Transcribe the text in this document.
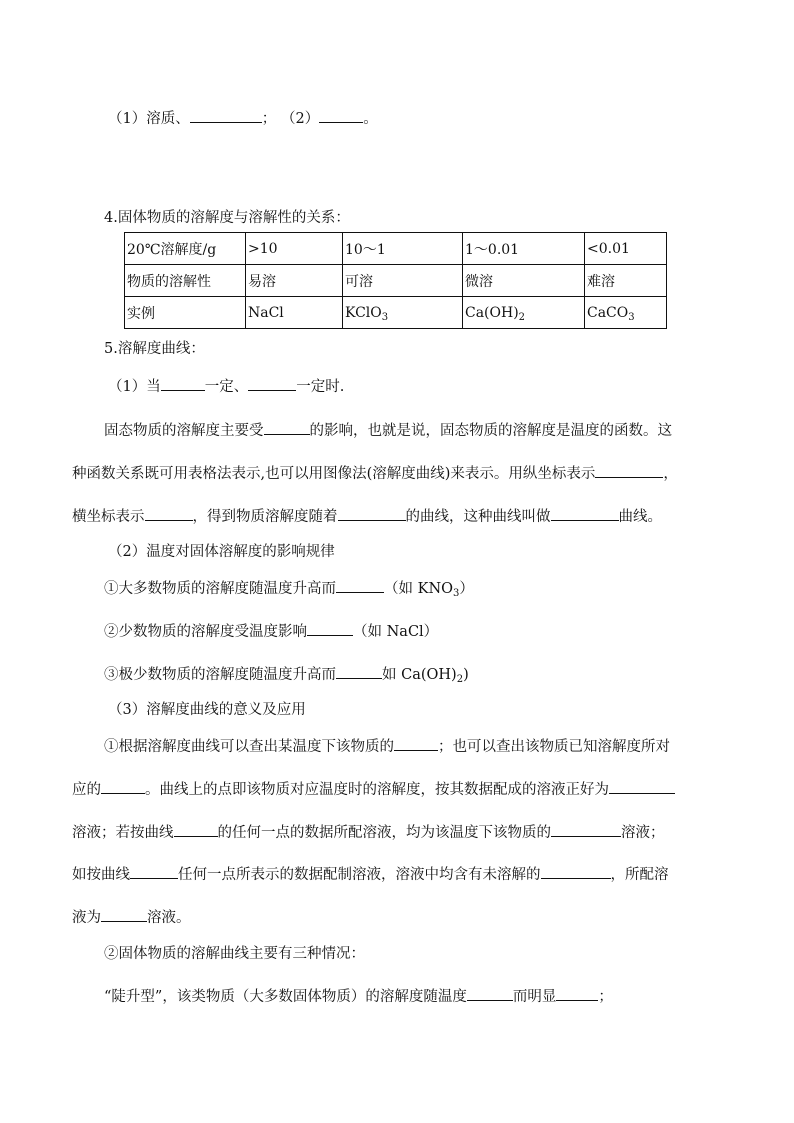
（1）溶质、	； （2）	。
4.固体物质的溶解度与溶解性的关系：
20℃溶解度/g	>10	10～1	1～0.01	<0.01
物质的溶解性	易溶	可溶	微溶	难溶
实例	NaCl	KClO$_3$	$Ca(OH)_2$	CaCO$_3$
5.溶解度曲线：
（1）当	一定、	一定时.
固态物质的溶解度主要受	的影响，也就是说，固态物质的溶解度是温度的函数。这
种函数关系既可用表格法表示,也可以用图像法(溶解度曲线)来表示。用纵坐标表示	，
横坐标表示	，得到物质溶解度随着	的曲线，这种曲线叫做	曲线。
（2）温度对固体溶解度的影响规律
①大多数物质的溶解度随温度升高而	（如 $KNO_3$）
②少数物质的溶解度受温度影响	（如 NaCl）
③极少数物质的溶解度随温度升高而	如 $Ca(OH)_2$)
（3）溶解度曲线的意义及应用
①根据溶解度曲线可以查出某温度下该物质的	；也可以查出该物质已知溶解度所对
应的	。曲线上的点即该物质对应温度时的溶解度，按其数据配成的溶液正好为
溶液；若按曲线	的任何一点的数据所配溶液，均为该温度下该物质的	溶液；
如按曲线	任何一点所表示的数据配制溶液，溶液中均含有未溶解的	，所配溶
液为	溶液。
②固体物质的溶解曲线主要有三种情况：
“陡升型”，该类物质（大多数固体物质）的溶解度随温度	而明显	；
